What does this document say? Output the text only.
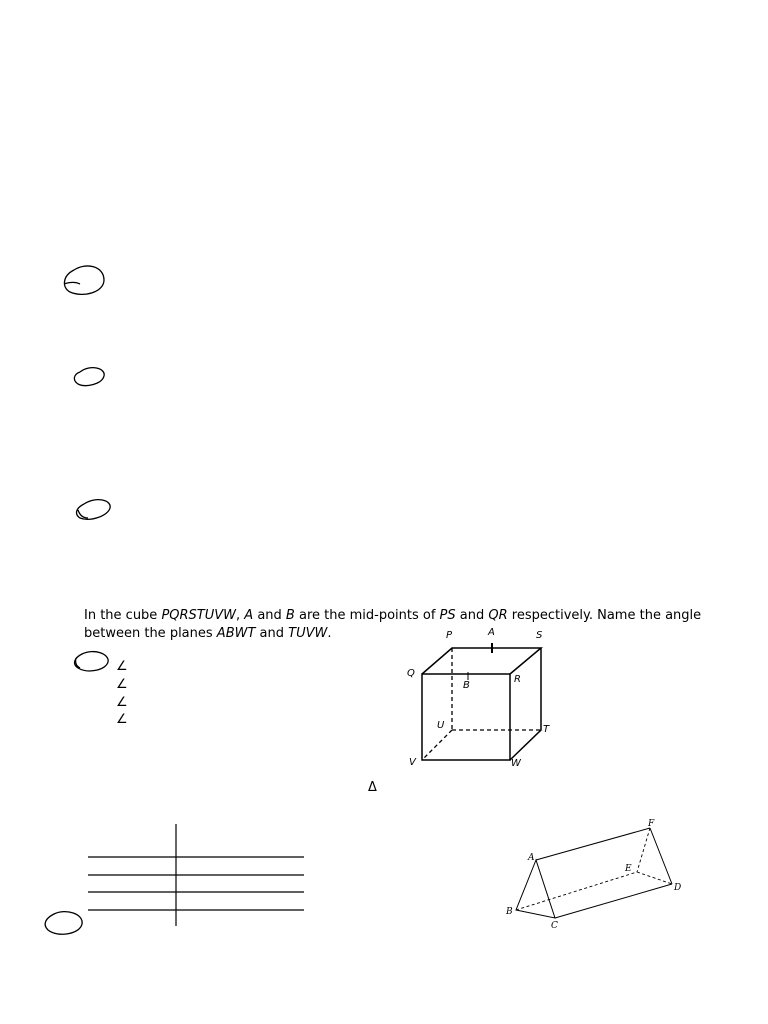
In the cube PQRSTUVW, A and B are the mid-points of PS and QR respectively. Name the angle
between the planes ABWT and TUVW.
∠
∠
∠
∠
P	A	S
Q
B
R
U	T
V	W
Δ
A
F
E
D
B
C
